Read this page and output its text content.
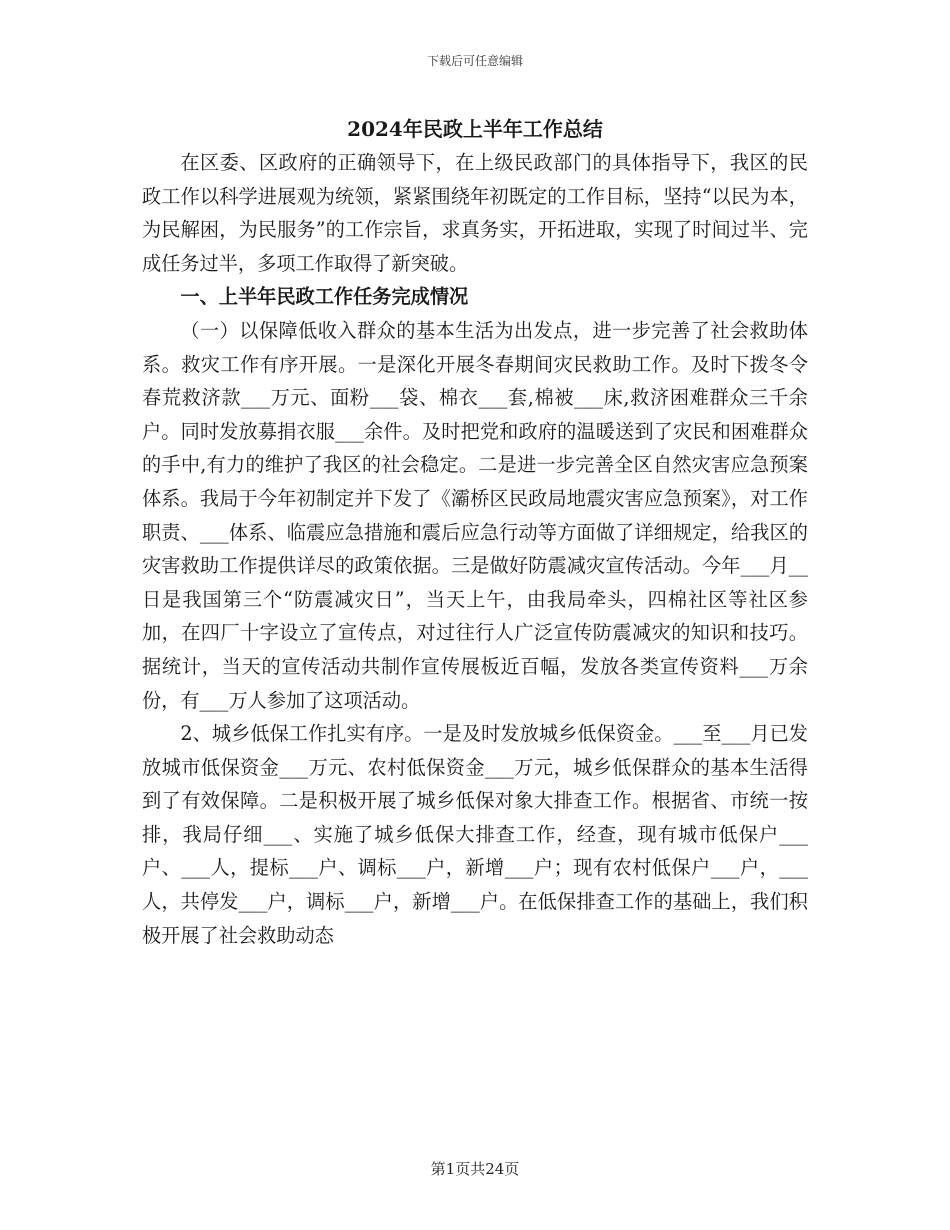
下载后可任意编辑
2024年民政上半年工作总结

在区委、区政府的正确领导下，在上级民政部门的具体指导下，我区的民政工作以科学进展观为统领，紧紧围绕年初既定的工作目标，坚持“以民为本，为民解困，为民服务”的工作宗旨，求真务实，开拓进取，实现了时间过半、完成任务过半，多项工作取得了新突破。

一、上半年民政工作任务完成情况

（一）以保障低收入群众的基本生活为出发点，进一步完善了社会救助体系。救灾工作有序开展。一是深化开展冬春期间灾民救助工作。及时下拨冬令春荒救济款___万元、面粉___袋、棉衣___套,棉被___床,救济困难群众三千余户。同时发放募捐衣服___余件。及时把党和政府的温暖送到了灾民和困难群众的手中,有力的维护了我区的社会稳定。二是进一步完善全区自然灾害应急预案体系。我局于今年初制定并下发了《灞桥区民政局地震灾害应急预案》，对工作职责、___体系、临震应急措施和震后应急行动等方面做了详细规定，给我区的灾害救助工作提供详尽的政策依据。三是做好防震减灾宣传活动。今年___月__日是我国第三个“防震减灾日”，当天上午，由我局牵头，四棉社区等社区参加，在四厂十字设立了宣传点，对过往行人广泛宣传防震减灾的知识和技巧。据统计，当天的宣传活动共制作宣传展板近百幅，发放各类宣传资料___万余份，有___万人参加了这项活动。

2、城乡低保工作扎实有序。一是及时发放城乡低保资金。___至___月已发放城市低保资金___万元、农村低保资金___万元，城乡低保群众的基本生活得到了有效保障。二是积极开展了城乡低保对象大排查工作。根据省、市统一按排，我局仔细___、实施了城乡低保大排查工作，经查，现有城市低保户___户、___人，提标___户、调标___户，新增___户；现有农村低保户___户，___人，共停发___户，调标___户，新增___户。在低保排查工作的基础上，我们积极开展了社会救助动态

第1页共24页
